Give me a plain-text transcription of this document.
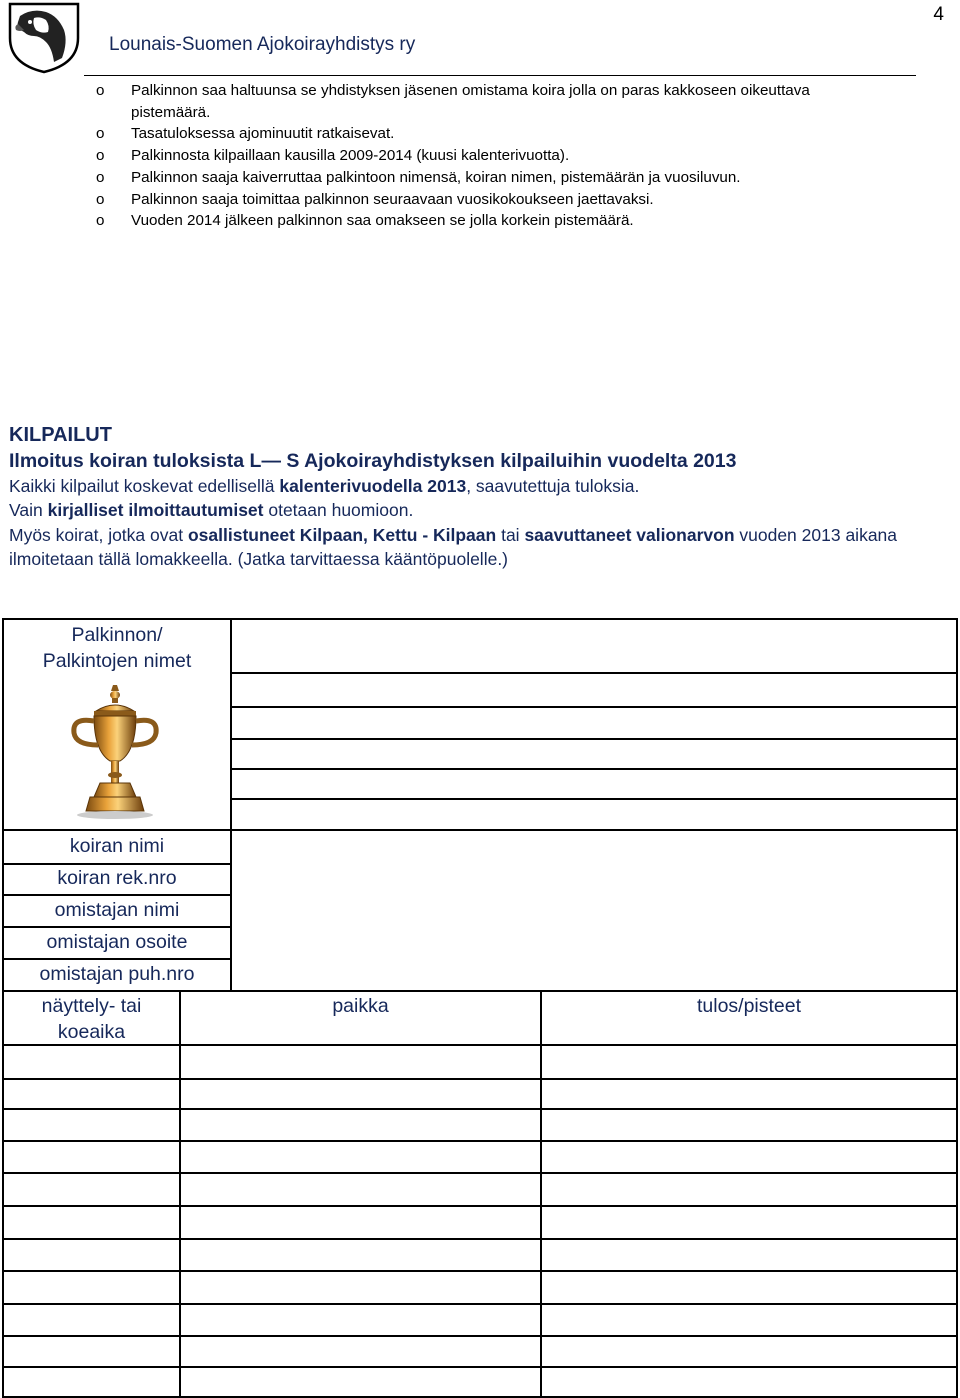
Lounais-Suomen Ajokoirayhdistys ry
4
o Palkinnon saa haltuunsa se yhdistyksen jäsenen omistama koira jolla on paras kakkoseen oikeuttava pistemäärä.
o Tasatuloksessa ajominuutit ratkaisevat.
o Palkinnosta kilpaillaan kausilla 2009-2014 (kuusi kalenterivuotta).
o Palkinnon saaja kaiverruttaa palkintoon nimensä, koiran nimen, pistemäärän ja vuosiluvun.
o Palkinnon saaja toimittaa palkinnon seuraavaan vuosikokoukseen jaettavaksi.
o Vuoden 2014 jälkeen palkinnon saa omakseen se jolla korkein pistemäärä.

KILPAILUT

Ilmoitus koiran tuloksista L— S Ajokoirayhdistyksen kilpailuihin vuodelta 2013

Kaikki kilpailut koskevat edellisellä kalenterivuodella 2013, saavutettuja tuloksia.

Vain kirjalliset ilmoittautumiset otetaan huomioon.

Myös koirat, jotka ovat osallistuneet Kilpaan, Kettu - Kilpaan tai saavuttaneet valionarvon vuoden 2013 aikana ilmoitetaan tällä lomakkeella. (Jatka tarvittaessa kääntöpuolelle.)

Palkinnon/
Palkintojen nimet
koiran nimi
koiran rek.nro
omistajan nimi
omistajan osoite
omistajan puh.nro
näyttely- tai
koeaika
paikka	tulos/pisteet
